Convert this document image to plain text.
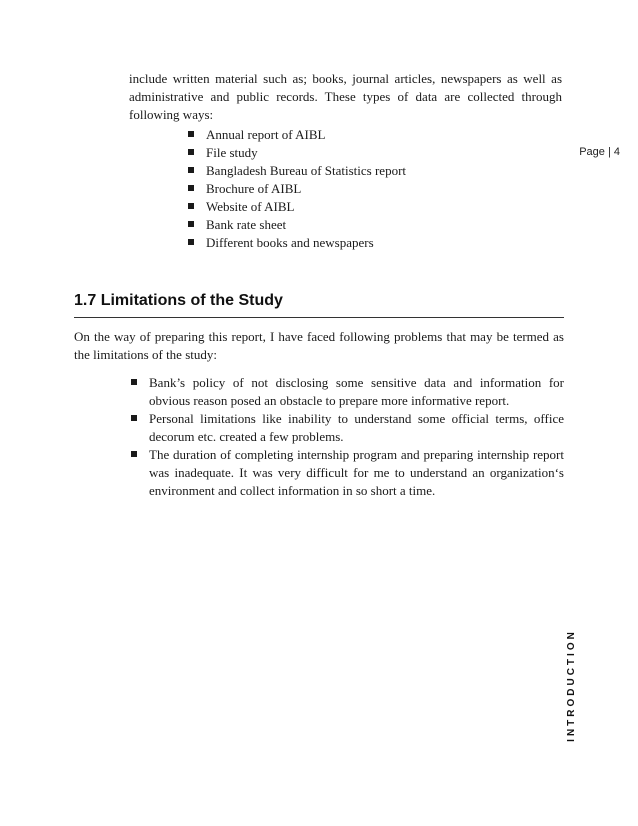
include written material such as; books, journal articles, newspapers as well as administrative and public records. These types of data are collected through following ways:

Annual report of AIBL
File study
Bangladesh Bureau of Statistics report
Brochure of AIBL
Website of AIBL
Bank rate sheet
Different books and newspapers
Page | 4
1.7 Limitations of the Study

On the way of preparing this report, I have faced following problems that may be termed as the limitations of the study:

Bank’s policy of not disclosing some sensitive data and information for obvious reason posed an obstacle to prepare more informative report.
Personal limitations like inability to understand some official terms, office decorum etc. created a few problems.
The duration of completing internship program and preparing internship report was inadequate. It was very difficult for me to understand an organization‘s environment and collect information in so short a time.
INTRODUCTION
